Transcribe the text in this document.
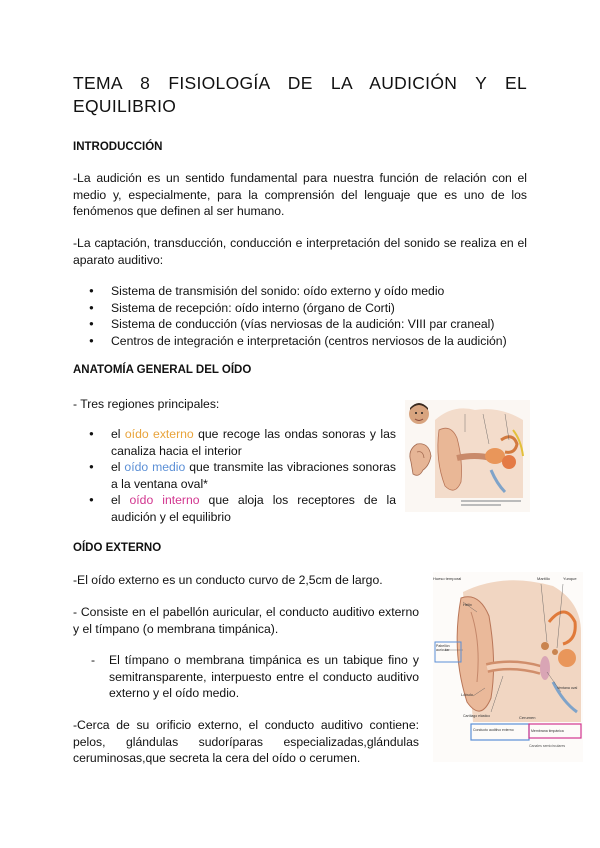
TEMA 8 FISIOLOGÍA DE LA AUDICIÓN Y EL
EQUILIBRIO
INTRODUCCIÓN
-La audición es un sentido fundamental para nuestra función de relación con el medio y, especialmente, para la comprensión del lenguaje que es uno de los fenómenos que definen al ser humano.
-La captación, transducción, conducción e interpretación del sonido se realiza en el aparato auditivo:
● Sistema de transmisión del sonido: oído externo y oído medio
● Sistema de recepción: oído interno (órgano de Corti)
● Sistema de conducción (vías nerviosas de la audición: VIII par craneal)
● Centros de integración e interpretación (centros nerviosos de la audición)
ANATOMÍA GENERAL DEL OÍDO
- Tres regiones principales:
● el oído externo que recoge las ondas sonoras y las canaliza hacia el interior
● el oído medio que transmite las vibraciones sonoras a la ventana oval*
● el oído interno que aloja los receptores de la audición y el equilibrio
OÍDO EXTERNO
-El oído externo es un conducto curvo de 2,5cm de largo.
- Consiste en el pabellón auricular, el conducto auditivo externo y el tímpano (o membrana timpánica).
-	El tímpano o membrana timpánica es un tabique fino y semitransparente, interpuesto entre el conducto auditivo externo y el oído medio.
-Cerca de su orificio externo, el conducto auditivo contiene: pelos, glándulas sudoríparas especializadas,glándulas ceruminosas,que secreta la cera del oído o cerumen.
Hueso temporal	Martillo	Yunque
Hélix
Pabellón auricular
Lóbulo
Cartílago elástico	Cerumen
Ventana oval
Conducto auditivo externo	Membrana timpánica
Canales semicirculares
